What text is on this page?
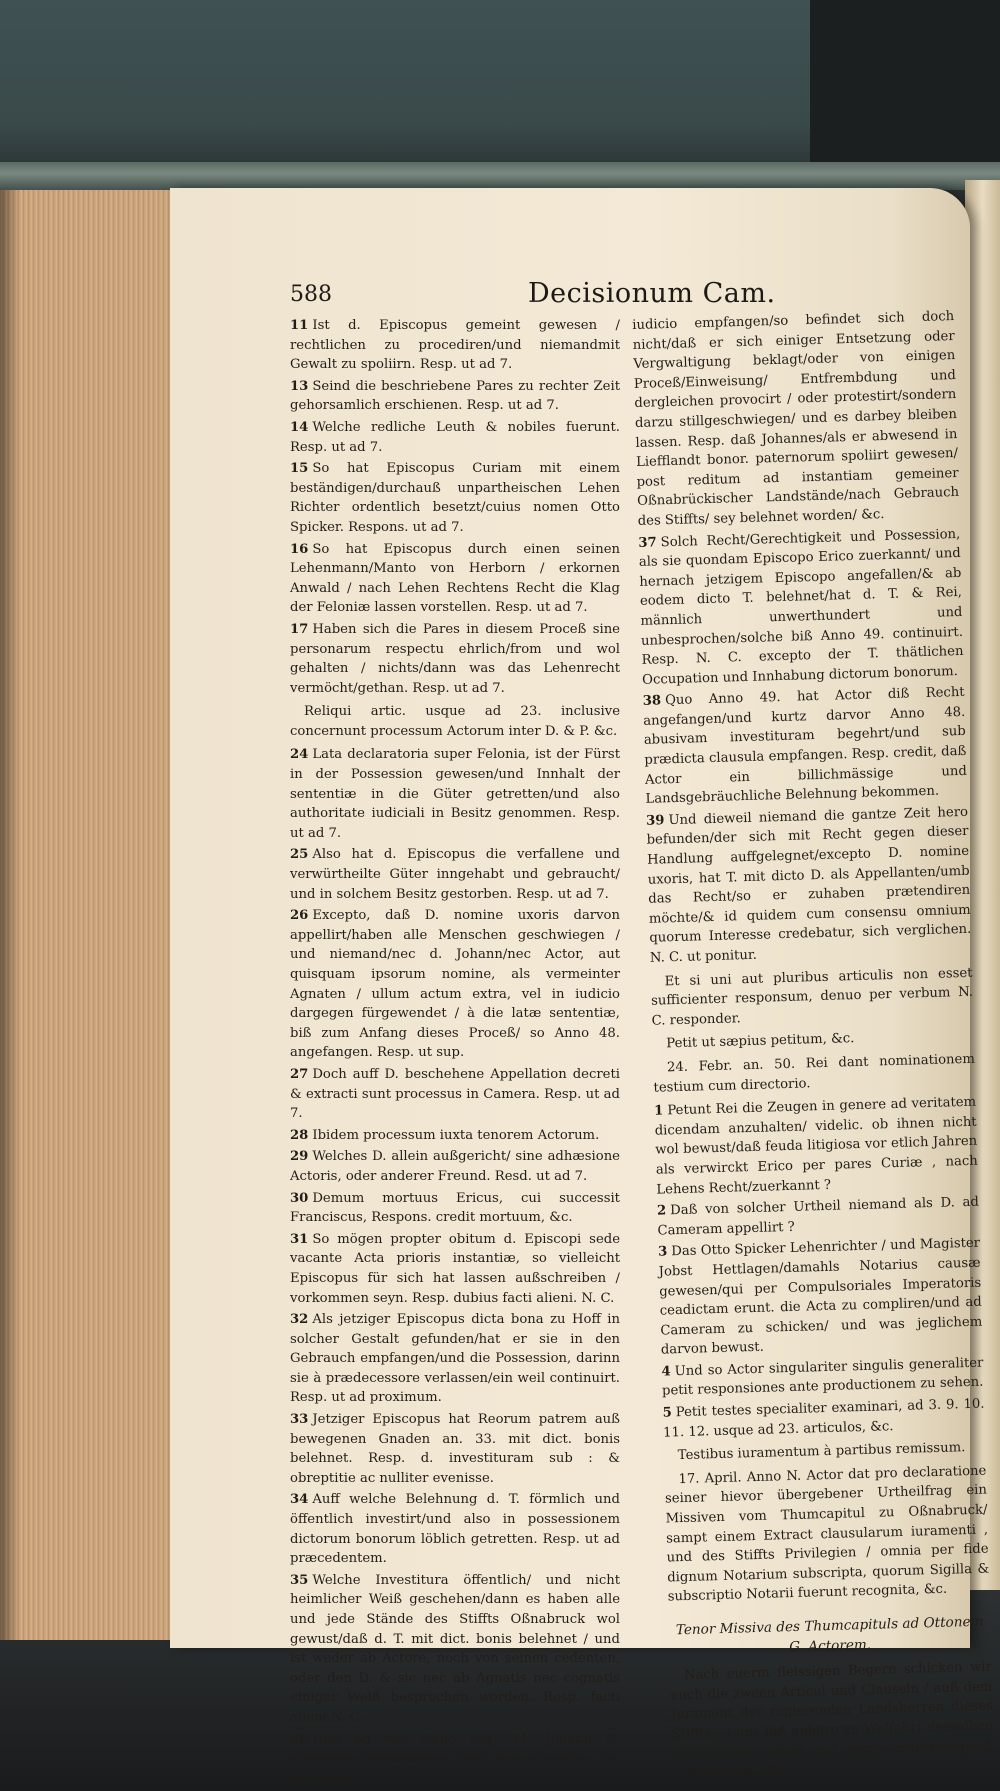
588	Decisionum Cam.
11 Ist d. Episcopus gemeint gewesen / rechtlichen zu procediren/und niemandmit Gewalt zu spoliirn. Resp. ut ad 7.
13 Seind die beschriebene Pares zu rechter Zeit gehorsamlich erschienen. Resp. ut ad 7.
14 Welche redliche Leuth & nobiles fuerunt. Resp. ut ad 7.
15 So hat Episcopus Curiam mit einem beständigen/durchauß unpartheischen Lehen Richter ordentlich besetzt/cuius nomen Otto Spicker. Respons. ut ad 7.
16 So hat Episcopus durch einen seinen Lehenmann/Manto von Herborn / erkornen Anwald / nach Lehen Rechtens Recht die Klag der Feloniæ lassen vorstellen. Resp. ut ad 7.
17 Haben sich die Pares in diesem Proceß sine personarum respectu ehrlich/from und wol gehalten / nichts/dann was das Lehenrecht vermöcht/gethan. Resp. ut ad 7.
Reliqui artic. usque ad 23. inclusive concernunt processum Actorum inter D. & P. &c.
24 Lata declaratoria super Felonia, ist der Fürst in der Possession gewesen/und Innhalt der sententiæ in die Güter getretten/und also authoritate iudiciali in Besitz genommen. Resp. ut ad 7.
25 Also hat d. Episcopus die verfallene und verwürtheilte Güter inngehabt und gebraucht/ und in solchem Besitz gestorben. Resp. ut ad 7.
26 Excepto, daß D. nomine uxoris darvon appellirt/haben alle Menschen geschwiegen / und niemand/nec d. Johann/nec Actor, aut quisquam ipsorum nomine, als vermeinter Agnaten / ullum actum extra, vel in iudicio dargegen fürgewendet / à die latæ sententiæ, biß zum Anfang dieses Proceß/ so Anno 48. angefangen. Resp. ut sup.
27 Doch auff D. beschehene Appellation decreti & extracti sunt processus in Camera. Resp. ut ad 7.
28 Ibidem processum iuxta tenorem Actorum.
29 Welches D. allein außgericht/ sine adhæsione Actoris, oder anderer Freund. Resd. ut ad 7.
30 Demum mortuus Ericus, cui successit Franciscus, Respons. credit mortuum, &c.
31 So mögen propter obitum d. Episcopi sede vacante Acta prioris instantiæ, so vielleicht Episcopus für sich hat lassen außschreiben / vorkommen seyn. Resp. dubius facti alieni. N. C.
32 Als jetziger Episcopus dicta bona zu Hoff in solcher Gestalt gefunden/hat er sie in den Gebrauch empfangen/und die Possession, darinn sie à prædecessore verlassen/ein weil continuirt. Resp. ut ad proximum.
33 Jetziger Episcopus hat Reorum patrem auß bewegenen Gnaden an. 33. mit dict. bonis belehnet. Resp. d. investituram sub : & obreptitie ac nulliter evenisse.
34 Auff welche Belehnung d. T. förmlich und öffentlich investirt/und also in possessionem dictorum bonorum löblich getretten. Resp. ut ad præcedentem.
35 Welche Investitura öffentlich/ und nicht heimlicher Weiß geschehen/dann es haben alle und jede Stände des Stiffts Oßnabruck wol gewust/daß d. T. mit dict. bonis belehnet / und ist weder ab Actore, noch von seinen cedenten, oder den D. & sic nec ab Agnatis nec cognatis einiger Weiß besprochen worden. Resp. facti alieni N. C.
36 Und ob wol Anno seq. 34. Johann G. abusivam investituram, doch cum clausula, &c. sine præ-
iudicio empfangen/so befindet sich doch nicht/daß er sich einiger Entsetzung oder Vergwaltigung beklagt/oder von einigen Proceß/Einweisung/ Entfrembdung und dergleichen provocirt / oder protestirt/sondern darzu stillgeschwiegen/ und es darbey bleiben lassen. Resp. daß Johannes/als er abwesend in Liefflandt bonor. paternorum spoliirt gewesen/ post reditum ad instantiam gemeiner Oßnabrückischer Landstände/nach Gebrauch des Stiffts/ sey belehnet worden/ &c.
37 Solch Recht/Gerechtigkeit und Possession, als sie quondam Episcopo Erico zuerkannt/ und hernach jetzigem Episcopo angefallen/& ab eodem dicto T. belehnet/hat d. T. & Rei, männlich unwerthundert und unbesprochen/solche biß Anno 49. continuirt. Resp. N. C. excepto der T. thätlichen Occupation und Innhabung dictorum bonorum.
38 Quo Anno 49. hat Actor diß Recht angefangen/und kurtz darvor Anno 48. abusivam investituram begehrt/und sub prædicta clausula empfangen. Resp. credit, daß Actor ein billichmässige und Landsgebräuchliche Belehnung bekommen.
39 Und dieweil niemand die gantze Zeit hero befunden/der sich mit Recht gegen dieser Handlung auffgelegnet/excepto D. nomine uxoris, hat T. mit dicto D. als Appellanten/umb das Recht/so er zuhaben prætendiren möchte/& id quidem cum consensu omnium quorum Interesse credebatur, sich verglichen. N. C. ut ponitur.
Et si uni aut pluribus articulis non esset sufficienter responsum, denuo per verbum N. C. responder.
Petit ut sæpius petitum, &c.
24. Febr. an. 50. Rei dant nominationem testium cum directorio.
1 Petunt Rei die Zeugen in genere ad veritatem dicendam anzuhalten/ videlic. ob ihnen nicht wol bewust/daß feuda litigiosa vor etlich Jahren als verwirckt Erico per pares Curiæ , nach Lehens Recht/zuerkannt ?
2 Daß von solcher Urtheil niemand als D. ad Cameram appellirt ?
3 Das Otto Spicker Lehenrichter / und Magister Jobst Hettlagen/damahls Notarius causæ gewesen/qui per Compulsoriales Imperatoris ceadictam erunt. die Acta zu compliren/und ad Cameram zu schicken/ und was jeglichem darvon bewust.
4 Und so Actor singulariter singulis generaliter petit responsiones ante productionem zu sehen.
5 Petit testes specialiter examinari, ad 3. 9. 10. 11. 12. usque ad 23. articulos, &c.
Testibus iuramentum à partibus remissum.
17. April. Anno N. Actor dat pro declaratione seiner hievor übergebener Urtheilfrag ein Missiven vom Thumcapitul zu Oßnabruck/ sampt einem Extract clausularum iuramenti , und des Stiffts Privilegien / omnia per fide dignum Notarium subscripta, quorum Sigilla & subscriptio Notarii fuerunt recognita, &c.
Tenor Missiva des Thumcapituls ad Ottonem G. Actorem.
Nach euerm fleissigen Begern schicken wir euch die zween Articul und Clauseln / auß dem Jurament der regierenden Landsherren dieses Stiffts/so uns biß anhero zu Wolfahrt desselben Unterthanen gelobt und geschworn/belangend, in sonderheit die
